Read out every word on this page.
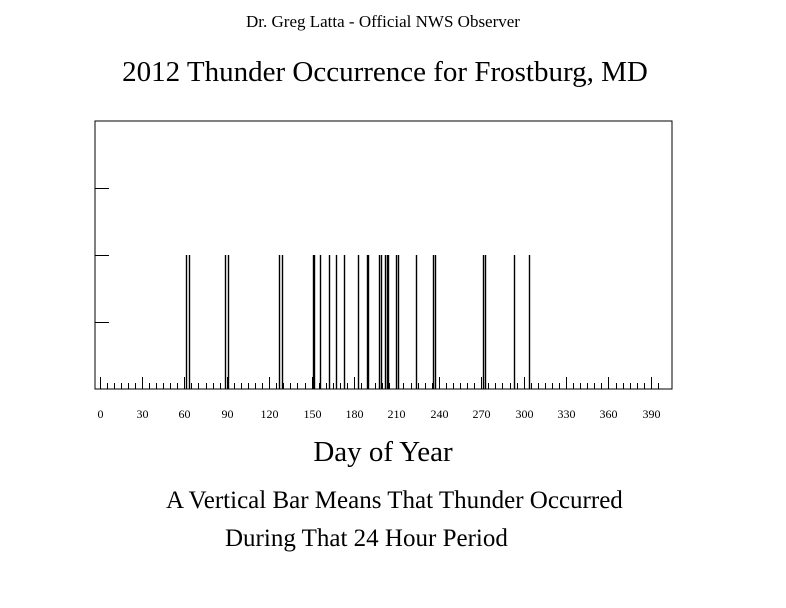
Dr. Greg Latta - Official NWS Observer
2012 Thunder Occurrence for Frostburg, MD
0	30	60	90 120 150 180 210 240 270 300 330 360 390
Day of Year
A Vertical Bar Means That Thunder Occurred
During That 24 Hour Period
